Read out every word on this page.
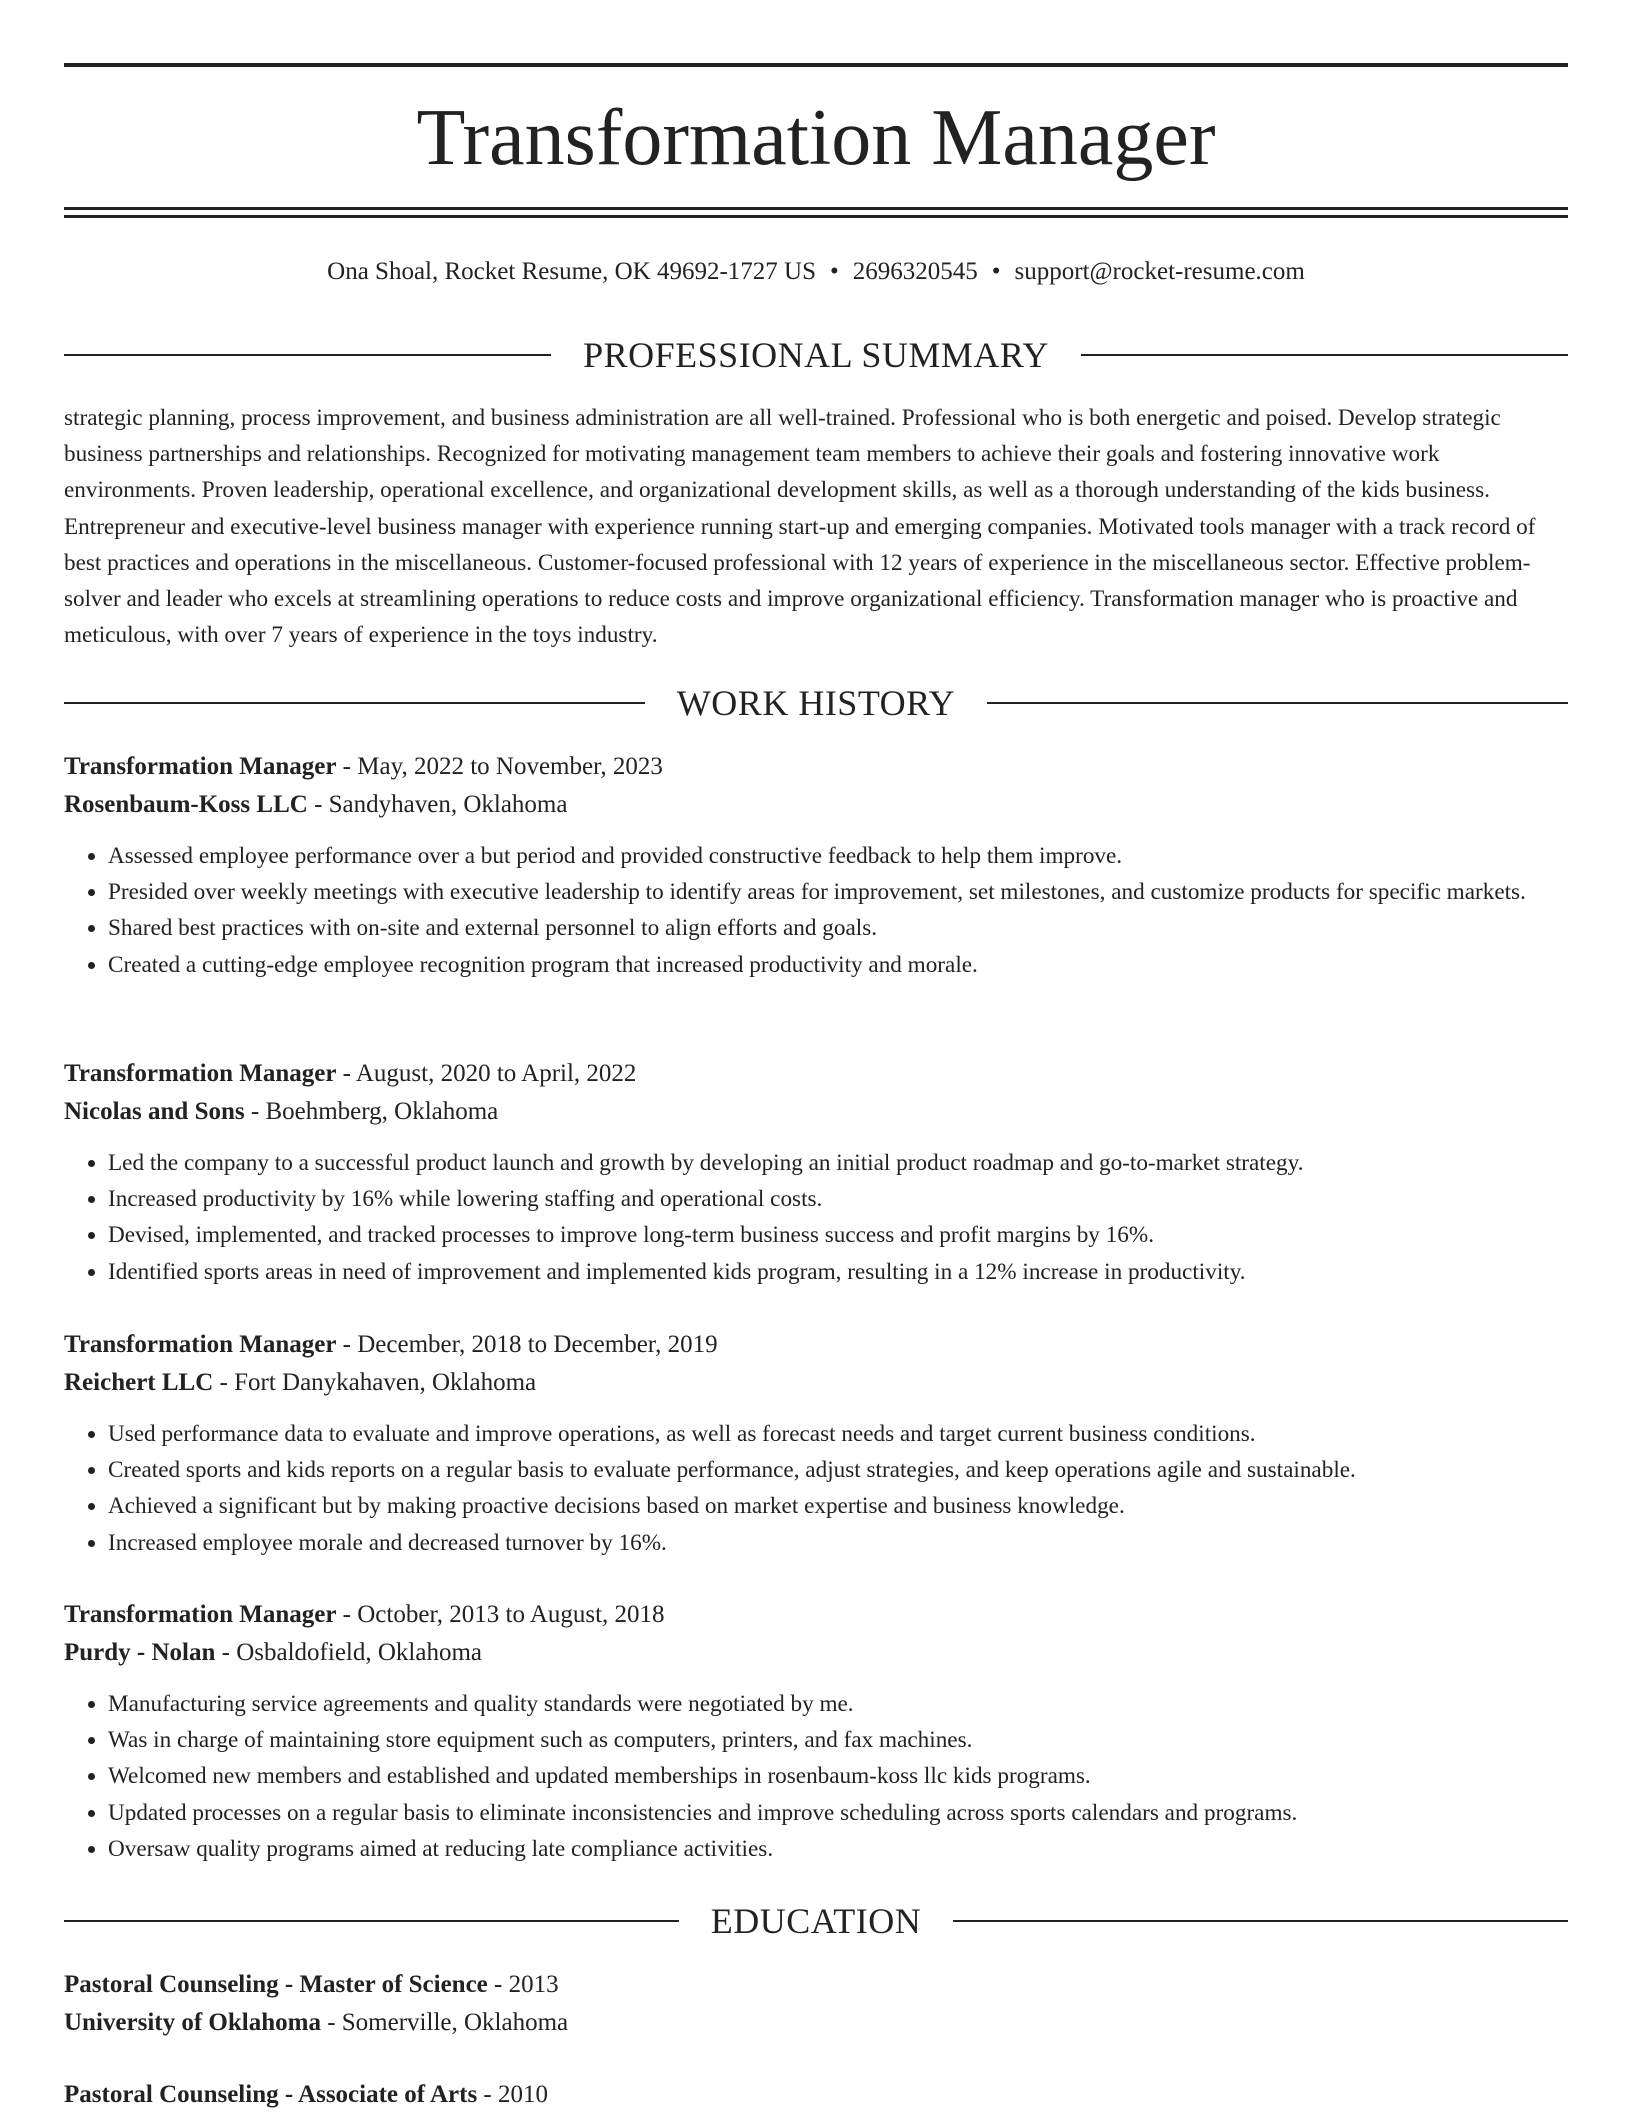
Transformation Manager
Ona Shoal, Rocket Resume, OK 49692-1727 US • 2696320545 • support@rocket-resume.com
PROFESSIONAL SUMMARY
strategic planning, process improvement, and business administration are all well-trained. Professional who is both energetic and poised. Develop strategic business partnerships and relationships. Recognized for motivating management team members to achieve their goals and fostering innovative work environments. Proven leadership, operational excellence, and organizational development skills, as well as a thorough understanding of the kids business. Entrepreneur and executive-level business manager with experience running start-up and emerging companies. Motivated tools manager with a track record of best practices and operations in the miscellaneous. Customer-focused professional with 12 years of experience in the miscellaneous sector. Effective problem-solver and leader who excels at streamlining operations to reduce costs and improve organizational efficiency. Transformation manager who is proactive and meticulous, with over 7 years of experience in the toys industry.
WORK HISTORY
Transformation Manager - May, 2022 to November, 2023
Rosenbaum-Koss LLC - Sandyhaven, Oklahoma
• Assessed employee performance over a but period and provided constructive feedback to help them improve.
• Presided over weekly meetings with executive leadership to identify areas for improvement, set milestones, and customize products for specific markets.
• Shared best practices with on-site and external personnel to align efforts and goals.
• Created a cutting-edge employee recognition program that increased productivity and morale.
Transformation Manager - August, 2020 to April, 2022
Nicolas and Sons - Boehmberg, Oklahoma
• Led the company to a successful product launch and growth by developing an initial product roadmap and go-to-market strategy.
• Increased productivity by 16% while lowering staffing and operational costs.
• Devised, implemented, and tracked processes to improve long-term business success and profit margins by 16%.
• Identified sports areas in need of improvement and implemented kids program, resulting in a 12% increase in productivity.
Transformation Manager - December, 2018 to December, 2019
Reichert LLC - Fort Danykahaven, Oklahoma
• Used performance data to evaluate and improve operations, as well as forecast needs and target current business conditions.
• Created sports and kids reports on a regular basis to evaluate performance, adjust strategies, and keep operations agile and sustainable.
• Achieved a significant but by making proactive decisions based on market expertise and business knowledge.
• Increased employee morale and decreased turnover by 16%.
Transformation Manager - October, 2013 to August, 2018
Purdy - Nolan - Osbaldofield, Oklahoma
• Manufacturing service agreements and quality standards were negotiated by me.
• Was in charge of maintaining store equipment such as computers, printers, and fax machines.
• Welcomed new members and established and updated memberships in rosenbaum-koss llc kids programs.
• Updated processes on a regular basis to eliminate inconsistencies and improve scheduling across sports calendars and programs.
• Oversaw quality programs aimed at reducing late compliance activities.
EDUCATION
Pastoral Counseling - Master of Science - 2013
University of Oklahoma - Somerville, Oklahoma
Pastoral Counseling - Associate of Arts - 2010
